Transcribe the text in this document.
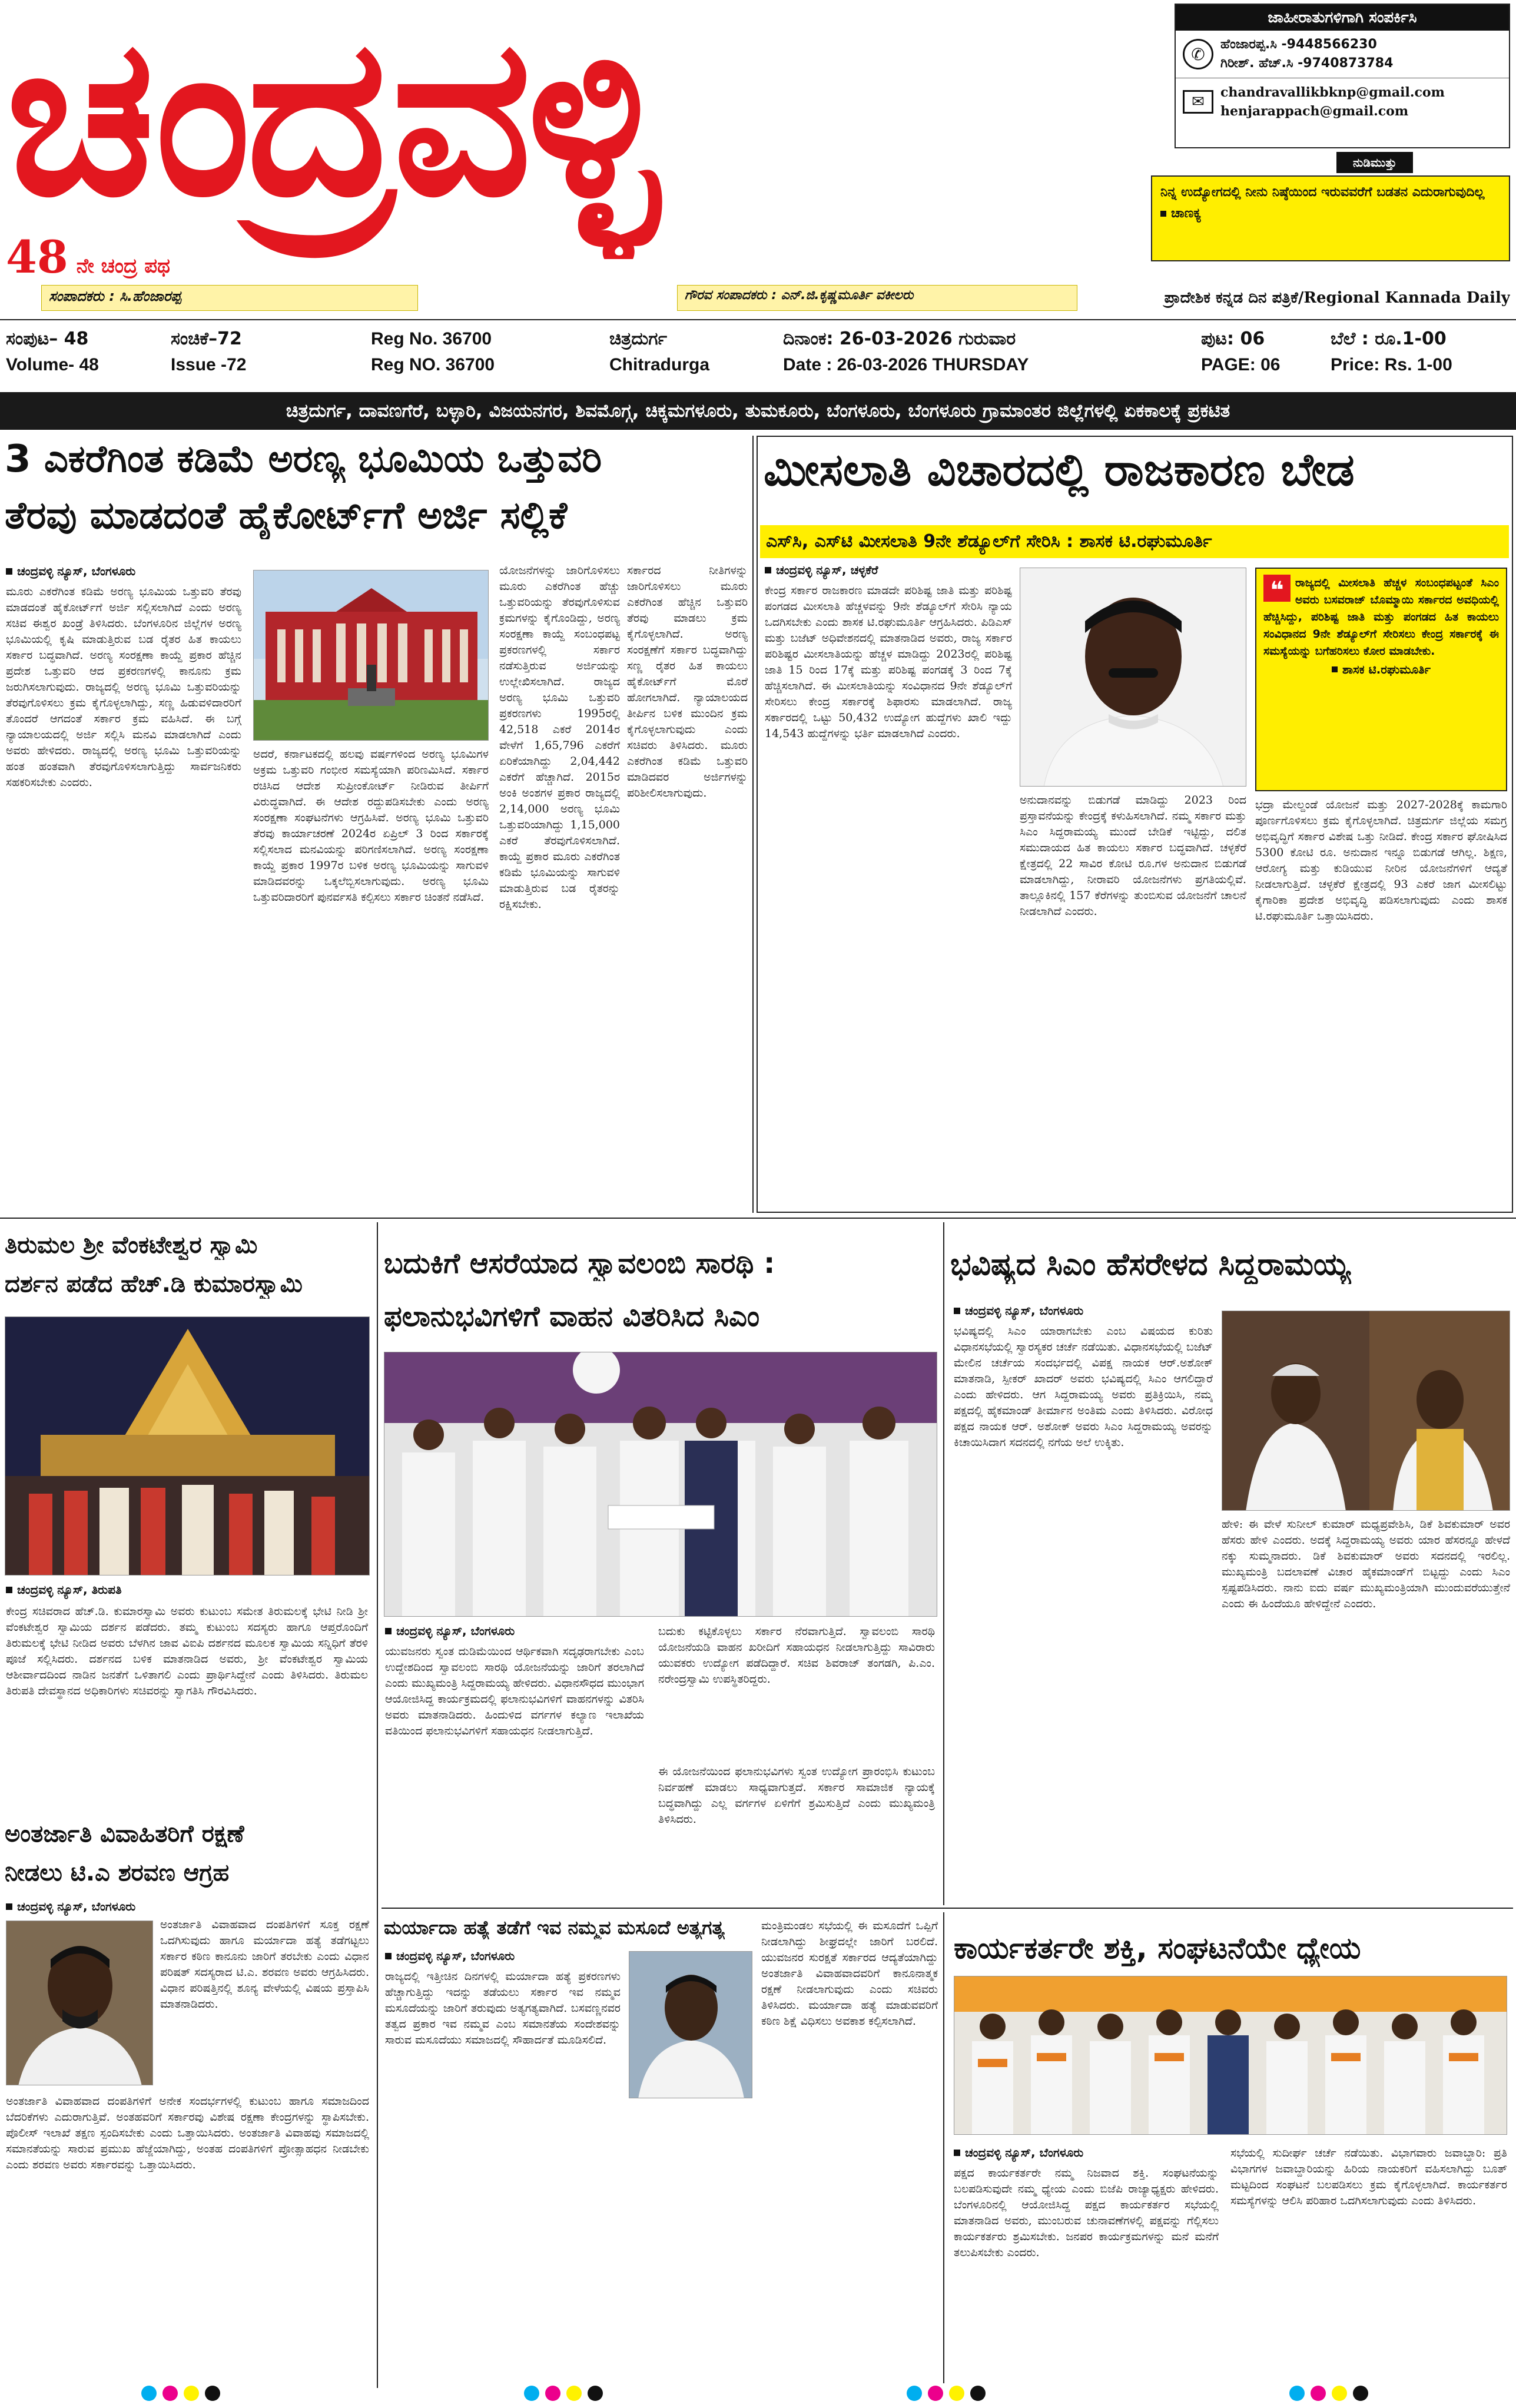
ಚಂದ್ರವಳ್ಳಿ
48 ನೇ ಚಂದ್ರ ಪಥ
ಸಂಪಾದಕರು : ಸಿ.ಹೆಂಜಾರಪ್ಪ	ಗೌರವ ಸಂಪಾದಕರು : ಎನ್.ಜಿ.ಕೃಷ್ಣಮೂರ್ತಿ ವಕೀಲರು
ಜಾಹೀರಾತುಗಳಿಗಾಗಿ ಸಂಪರ್ಕಿಸಿ
✆	ಹೆಂಜಾರಪ್ಪ.ಸಿ -9448566230
ಗಿರೀಶ್. ಹೆಚ್.ಸಿ -9740873784
✉
chandravallikbknp@gmail.com
henjarappach@gmail.com
ನುಡಿಮುತ್ತು
ನಿನ್ನ ಉದ್ಯೋಗದಲ್ಲಿ ನೀನು ನಿಷ್ಠೆಯಿಂದ ಇರುವವರೆಗೆ ಬಡತನ ಎದುರಾಗುವುದಿಲ್ಲ
ಚಾಣಕ್ಯ
ಪ್ರಾದೇಶಿಕ ಕನ್ನಡ ದಿನ ಪತ್ರಿಕೆ/Regional Kannada Daily
ಸಂಪುಟ– 48
Volume- 48
ಸಂಚಿಕೆ–72
Issue -72
Reg No. 36700
Reg NO. 36700
ಚಿತ್ರದುರ್ಗ
Chitradurga
ದಿನಾಂಕ: 26-03-2026 ಗುರುವಾರ
Date : 26-03-2026 THURSDAY
ಪುಟ: 06
PAGE: 06
ಬೆಲೆ : ರೂ.1-00
Price: Rs. 1-00
ಚಿತ್ರದುರ್ಗ, ದಾವಣಗೆರೆ, ಬಳ್ಳಾರಿ, ವಿಜಯನಗರ, ಶಿವಮೊಗ್ಗ, ಚಿಕ್ಕಮಗಳೂರು, ತುಮಕೂರು, ಬೆಂಗಳೂರು, ಬೆಂಗಳೂರು ಗ್ರಾಮಾಂತರ ಜಿಲ್ಲೆಗಳಲ್ಲಿ ಏಕಕಾಲಕ್ಕೆ ಪ್ರಕಟಿತ
3 ಎಕರೆಗಿಂತ ಕಡಿಮೆ ಅರಣ್ಯ ಭೂಮಿಯ ಒತ್ತುವರಿ
ತೆರವು ಮಾಡದಂತೆ ಹೈಕೋರ್ಟ್‌ಗೆ ಅರ್ಜಿ ಸಲ್ಲಿಕೆ
ಚಂದ್ರವಳ್ಳಿ ನ್ಯೂಸ್, ಬೆಂಗಳೂರು
ಮೂರು ಎಕರೆಗಿಂತ ಕಡಿಮೆ ಅರಣ್ಯ ಭೂಮಿಯ ಒತ್ತುವರಿ ತೆರವು ಮಾಡದಂತೆ ಹೈಕೋರ್ಟ್‌ಗೆ ಅರ್ಜಿ ಸಲ್ಲಿಸಲಾಗಿದೆ ಎಂದು ಅರಣ್ಯ ಸಚಿವ ಈಶ್ವರ ಖಂಡ್ರೆ ತಿಳಿಸಿದರು. ಬೆಂಗಳೂರಿನ ಜಿಲ್ಲೆಗಳ ಅರಣ್ಯ ಭೂಮಿಯಲ್ಲಿ ಕೃಷಿ ಮಾಡುತ್ತಿರುವ ಬಡ ರೈತರ ಹಿತ ಕಾಯಲು ಸರ್ಕಾರ ಬದ್ಧವಾಗಿದೆ. ಅರಣ್ಯ ಸಂರಕ್ಷಣಾ ಕಾಯ್ದೆ ಪ್ರಕಾರ ಹೆಚ್ಚಿನ ಪ್ರದೇಶ ಒತ್ತುವರಿ ಆದ ಪ್ರಕರಣಗಳಲ್ಲಿ ಕಾನೂನು ಕ್ರಮ ಜರುಗಿಸಲಾಗುವುದು. ರಾಜ್ಯದಲ್ಲಿ ಅರಣ್ಯ ಭೂಮಿ ಒತ್ತುವರಿಯನ್ನು ತೆರವುಗೊಳಿಸಲು ಕ್ರಮ ಕೈಗೊಳ್ಳಲಾಗಿದ್ದು, ಸಣ್ಣ ಹಿಡುವಳಿದಾರರಿಗೆ ತೊಂದರೆ ಆಗದಂತೆ ಸರ್ಕಾರ ಕ್ರಮ ವಹಿಸಿದೆ. ಈ ಬಗ್ಗೆ ನ್ಯಾಯಾಲಯದಲ್ಲಿ ಅರ್ಜಿ ಸಲ್ಲಿಸಿ ಮನವಿ ಮಾಡಲಾಗಿದೆ ಎಂದು ಅವರು ಹೇಳಿದರು. ರಾಜ್ಯದಲ್ಲಿ ಅರಣ್ಯ ಭೂಮಿ ಒತ್ತುವರಿಯನ್ನು ಹಂತ ಹಂತವಾಗಿ ತೆರವುಗೊಳಿಸಲಾಗುತ್ತಿದ್ದು ಸಾರ್ವಜನಿಕರು ಸಹಕರಿಸಬೇಕು ಎಂದರು.
ಅದರೆ, ಕರ್ನಾಟಕದಲ್ಲಿ ಹಲವು ವರ್ಷಗಳಿಂದ ಅರಣ್ಯ ಭೂಮಿಗಳ ಅಕ್ರಮ ಒತ್ತುವರಿ ಗಂಭೀರ ಸಮಸ್ಯೆಯಾಗಿ ಪರಿಣಮಿಸಿದೆ. ಸರ್ಕಾರ ರಚಿಸಿದ ಆದೇಶ ಸುಪ್ರೀಂಕೋರ್ಟ್ ನೀಡಿರುವ ತೀರ್ಪಿಗೆ ವಿರುದ್ಧವಾಗಿದೆ. ಈ ಆದೇಶ ರದ್ದುಪಡಿಸಬೇಕು ಎಂದು ಅರಣ್ಯ ಸಂರಕ್ಷಣಾ ಸಂಘಟನೆಗಳು ಆಗ್ರಹಿಸಿವೆ. ಅರಣ್ಯ ಭೂಮಿ ಒತ್ತುವರಿ ತೆರವು ಕಾರ್ಯಾಚರಣೆ 2024ರ ಏಪ್ರಿಲ್ 3 ರಿಂದ ಸರ್ಕಾರಕ್ಕೆ ಸಲ್ಲಿಸಲಾದ ಮನವಿಯನ್ನು ಪರಿಗಣಿಸಲಾಗಿದೆ. ಅರಣ್ಯ ಸಂರಕ್ಷಣಾ ಕಾಯ್ದೆ ಪ್ರಕಾರ 1997ರ ಬಳಿಕ ಅರಣ್ಯ ಭೂಮಿಯನ್ನು ಸಾಗುವಳಿ ಮಾಡಿದವರನ್ನು ಒಕ್ಕಲೆಬ್ಬಿಸಲಾಗುವುದು. ಅರಣ್ಯ ಭೂಮಿ ಒತ್ತುವರಿದಾರರಿಗೆ ಪುನರ್ವಸತಿ ಕಲ್ಪಿಸಲು ಸರ್ಕಾರ ಚಿಂತನೆ ನಡೆಸಿದೆ.
ಯೋಜನೆಗಳನ್ನು ಜಾರಿಗೊಳಿಸಲು ಮೂರು ಎಕರೆಗಿಂತ ಹೆಚ್ಚು ಒತ್ತುವರಿಯನ್ನು ತೆರವುಗೊಳಿಸುವ ಕ್ರಮಗಳನ್ನು ಕೈಗೊಂಡಿದ್ದು, ಅರಣ್ಯ ಸಂರಕ್ಷಣಾ ಕಾಯ್ದೆ ಸಂಬಂಧಪಟ್ಟ ಪ್ರಕರಣಗಳಲ್ಲಿ ಸರ್ಕಾರ ನಡೆಸುತ್ತಿರುವ ಅರ್ಜಿಯನ್ನು ಉಲ್ಲೇಖಿಸಲಾಗಿದೆ. ರಾಜ್ಯದ ಅರಣ್ಯ ಭೂಮಿ ಒತ್ತುವರಿ ಪ್ರಕರಣಗಳು 1995ರಲ್ಲಿ 42,518 ಎಕರೆ 2014ರ ವೇಳೆಗೆ 1,65,796 ಎಕರೆಗೆ ಏರಿಕೆಯಾಗಿದ್ದು 2,04,442 ಎಕರೆಗೆ ಹೆಚ್ಚಾಗಿದೆ. 2015ರ ಅಂಕಿ ಅಂಶಗಳ ಪ್ರಕಾರ ರಾಜ್ಯದಲ್ಲಿ 2,14,000 ಅರಣ್ಯ ಭೂಮಿ ಒತ್ತುವರಿಯಾಗಿದ್ದು 1,15,000 ಎಕರೆ ತೆರವುಗೊಳಿಸಲಾಗಿದೆ. ಕಾಯ್ದೆ ಪ್ರಕಾರ ಮೂರು ಎಕರೆಗಿಂತ ಕಡಿಮೆ ಭೂಮಿಯನ್ನು ಸಾಗುವಳಿ ಮಾಡುತ್ತಿರುವ ಬಡ ರೈತರನ್ನು ರಕ್ಷಿಸಬೇಕು.
ಸರ್ಕಾರದ ನೀತಿಗಳನ್ನು ಜಾರಿಗೊಳಿಸಲು ಮೂರು ಎಕರೆಗಿಂತ ಹೆಚ್ಚಿನ ಒತ್ತುವರಿ ತೆರವು ಮಾಡಲು ಕ್ರಮ ಕೈಗೊಳ್ಳಲಾಗಿದೆ. ಅರಣ್ಯ ಸಂರಕ್ಷಣೆಗೆ ಸರ್ಕಾರ ಬದ್ಧವಾಗಿದ್ದು ಸಣ್ಣ ರೈತರ ಹಿತ ಕಾಯಲು ಹೈಕೋರ್ಟ್‌ಗೆ ಮೊರೆ ಹೋಗಲಾಗಿದೆ. ನ್ಯಾಯಾಲಯದ ತೀರ್ಪಿನ ಬಳಿಕ ಮುಂದಿನ ಕ್ರಮ ಕೈಗೊಳ್ಳಲಾಗುವುದು ಎಂದು ಸಚಿವರು ತಿಳಿಸಿದರು. ಮೂರು ಎಕರೆಗಿಂತ ಕಡಿಮೆ ಒತ್ತುವರಿ ಮಾಡಿದವರ ಅರ್ಜಿಗಳನ್ನು ಪರಿಶೀಲಿಸಲಾಗುವುದು.
ಮೀಸಲಾತಿ ವಿಚಾರದಲ್ಲಿ ರಾಜಕಾರಣ ಬೇಡ
ಎಸ್‌ಸಿ, ಎಸ್‌ಟಿ ಮೀಸಲಾತಿ 9ನೇ ಶೆಡ್ಯೂಲ್‌ಗೆ ಸೇರಿಸಿ : ಶಾಸಕ ಟಿ.ರಘುಮೂರ್ತಿ
ಚಂದ್ರವಳ್ಳಿ ನ್ಯೂಸ್, ಚಳ್ಳಕೆರೆ
ಕೇಂದ್ರ ಸರ್ಕಾರ ರಾಜಕಾರಣ ಮಾಡದೇ ಪರಿಶಿಷ್ಟ ಜಾತಿ ಮತ್ತು ಪರಿಶಿಷ್ಟ ಪಂಗಡದ ಮೀಸಲಾತಿ ಹೆಚ್ಚಳವನ್ನು 9ನೇ ಶೆಡ್ಯೂಲ್‌ಗೆ ಸೇರಿಸಿ ನ್ಯಾಯ ಒದಗಿಸಬೇಕು ಎಂದು ಶಾಸಕ ಟಿ.ರಘುಮೂರ್ತಿ ಆಗ್ರಹಿಸಿದರು. ಪಿಡಿಎಸ್ ಮತ್ತು ಬಜೆಟ್ ಅಧಿವೇಶನದಲ್ಲಿ ಮಾತನಾಡಿದ ಅವರು, ರಾಜ್ಯ ಸರ್ಕಾರ ಪರಿಶಿಷ್ಟರ ಮೀಸಲಾತಿಯನ್ನು ಹೆಚ್ಚಳ ಮಾಡಿದ್ದು 2023ರಲ್ಲಿ ಪರಿಶಿಷ್ಟ ಜಾತಿ 15 ರಿಂದ 17ಕ್ಕೆ ಮತ್ತು ಪರಿಶಿಷ್ಟ ಪಂಗಡಕ್ಕೆ 3 ರಿಂದ 7ಕ್ಕೆ ಹೆಚ್ಚಿಸಲಾಗಿದೆ. ಈ ಮೀಸಲಾತಿಯನ್ನು ಸಂವಿಧಾನದ 9ನೇ ಶೆಡ್ಯೂಲ್‌ಗೆ ಸೇರಿಸಲು ಕೇಂದ್ರ ಸರ್ಕಾರಕ್ಕೆ ಶಿಫಾರಸು ಮಾಡಲಾಗಿದೆ. ರಾಜ್ಯ ಸರ್ಕಾರದಲ್ಲಿ ಒಟ್ಟು 50,432 ಉದ್ಯೋಗ ಹುದ್ದೆಗಳು ಖಾಲಿ ಇದ್ದು 14,543 ಹುದ್ದೆಗಳನ್ನು ಭರ್ತಿ ಮಾಡಲಾಗಿದೆ ಎಂದರು.
ಅನುದಾನವನ್ನು ಬಿಡುಗಡೆ ಮಾಡಿದ್ದು 2023 ರಿಂದ ಪ್ರಸ್ತಾವನೆಯನ್ನು ಕೇಂದ್ರಕ್ಕೆ ಕಳುಹಿಸಲಾಗಿದೆ. ನಮ್ಮ ಸರ್ಕಾರ ಮತ್ತು ಸಿಎಂ ಸಿದ್ದರಾಮಯ್ಯ ಮುಂದೆ ಬೇಡಿಕೆ ಇಟ್ಟಿದ್ದು, ದಲಿತ ಸಮುದಾಯದ ಹಿತ ಕಾಯಲು ಸರ್ಕಾರ ಬದ್ಧವಾಗಿದೆ. ಚಳ್ಳಕೆರೆ ಕ್ಷೇತ್ರದಲ್ಲಿ 22 ಸಾವಿರ ಕೋಟಿ ರೂ.ಗಳ ಅನುದಾನ ಬಿಡುಗಡೆ ಮಾಡಲಾಗಿದ್ದು, ನೀರಾವರಿ ಯೋಜನೆಗಳು ಪ್ರಗತಿಯಲ್ಲಿವೆ. ತಾಲ್ಲೂಕಿನಲ್ಲಿ 157 ಕೆರೆಗಳನ್ನು ತುಂಬಿಸುವ ಯೋಜನೆಗೆ ಚಾಲನೆ ನೀಡಲಾಗಿದೆ ಎಂದರು.
❝	ರಾಜ್ಯದಲ್ಲಿ ಮೀಸಲಾತಿ ಹೆಚ್ಚಳ ಸಂಬಂಧಪಟ್ಟಂತೆ ಸಿಎಂ ಅವರು ಬಸವರಾಜ್ ಬೊಮ್ಮಾಯಿ ಸರ್ಕಾರದ ಅವಧಿಯಲ್ಲಿ ಹೆಚ್ಚಿಸಿದ್ದು, ಪರಿಶಿಷ್ಟ ಜಾತಿ ಮತ್ತು ಪಂಗಡದ ಹಿತ ಕಾಯಲು ಸಂವಿಧಾನದ 9ನೇ ಶೆಡ್ಯೂಲ್‌ಗೆ ಸೇರಿಸಲು ಕೇಂದ್ರ ಸರ್ಕಾರಕ್ಕೆ ಈ ಸಮಸ್ಯೆಯನ್ನು ಬಗೆಹರಿಸಲು ಕೋರ ಮಾಡಬೇಕು.
ಶಾಸಕ ಟಿ.ರಘುಮೂರ್ತಿ
ಭದ್ರಾ ಮೇಲ್ದಂಡೆ ಯೋಜನೆ ಮತ್ತು 2027-2028ಕ್ಕೆ ಕಾಮಗಾರಿ ಪೂರ್ಣಗೊಳಿಸಲು ಕ್ರಮ ಕೈಗೊಳ್ಳಲಾಗಿದೆ. ಚಿತ್ರದುರ್ಗ ಜಿಲ್ಲೆಯ ಸಮಗ್ರ ಅಭಿವೃದ್ಧಿಗೆ ಸರ್ಕಾರ ವಿಶೇಷ ಒತ್ತು ನೀಡಿದೆ. ಕೇಂದ್ರ ಸರ್ಕಾರ ಘೋಷಿಸಿದ 5300 ಕೋಟಿ ರೂ. ಅನುದಾನ ಇನ್ನೂ ಬಿಡುಗಡೆ ಆಗಿಲ್ಲ. ಶಿಕ್ಷಣ, ಆರೋಗ್ಯ ಮತ್ತು ಕುಡಿಯುವ ನೀರಿನ ಯೋಜನೆಗಳಿಗೆ ಆದ್ಯತೆ ನೀಡಲಾಗುತ್ತಿದೆ. ಚಳ್ಳಕೆರೆ ಕ್ಷೇತ್ರದಲ್ಲಿ 93 ಎಕರೆ ಜಾಗ ಮೀಸಲಿಟ್ಟು ಕೈಗಾರಿಕಾ ಪ್ರದೇಶ ಅಭಿವೃದ್ಧಿ ಪಡಿಸಲಾಗುವುದು ಎಂದು ಶಾಸಕ ಟಿ.ರಘುಮೂರ್ತಿ ಒತ್ತಾಯಿಸಿದರು.
ತಿರುಮಲ ಶ್ರೀ ವೆಂಕಟೇಶ್ವರ ಸ್ವಾಮಿ
ದರ್ಶನ ಪಡೆದ ಹೆಚ್.ಡಿ ಕುಮಾರಸ್ವಾಮಿ
ಚಂದ್ರವಳ್ಳಿ ನ್ಯೂಸ್, ತಿರುಪತಿ
ಕೇಂದ್ರ ಸಚಿವರಾದ ಹೆಚ್.ಡಿ. ಕುಮಾರಸ್ವಾಮಿ ಅವರು ಕುಟುಂಬ ಸಮೇತ ತಿರುಮಲಕ್ಕೆ ಭೇಟಿ ನೀಡಿ ಶ್ರೀ ವೆಂಕಟೇಶ್ವರ ಸ್ವಾಮಿಯ ದರ್ಶನ ಪಡೆದರು. ತಮ್ಮ ಕುಟುಂಬ ಸದಸ್ಯರು ಹಾಗೂ ಆಪ್ತರೊಂದಿಗೆ ತಿರುಮಲಕ್ಕೆ ಭೇಟಿ ನೀಡಿದ ಅವರು ಬೆಳಗಿನ ಜಾವ ವಿಐಪಿ ದರ್ಶನದ ಮೂಲಕ ಸ್ವಾಮಿಯ ಸನ್ನಿಧಿಗೆ ತೆರಳಿ ಪೂಜೆ ಸಲ್ಲಿಸಿದರು. ದರ್ಶನದ ಬಳಿಕ ಮಾತನಾಡಿದ ಅವರು, ಶ್ರೀ ವೆಂಕಟೇಶ್ವರ ಸ್ವಾಮಿಯ ಆಶೀರ್ವಾದದಿಂದ ನಾಡಿನ ಜನತೆಗೆ ಒಳಿತಾಗಲಿ ಎಂದು ಪ್ರಾರ್ಥಿಸಿದ್ದೇನೆ ಎಂದು ತಿಳಿಸಿದರು. ತಿರುಮಲ ತಿರುಪತಿ ದೇವಸ್ಥಾನದ ಅಧಿಕಾರಿಗಳು ಸಚಿವರನ್ನು ಸ್ವಾಗತಿಸಿ ಗೌರವಿಸಿದರು.
ಅಂತರ್ಜಾತಿ ವಿವಾಹಿತರಿಗೆ ರಕ್ಷಣೆ
ನೀಡಲು ಟಿ.ಎ ಶರವಣ ಆಗ್ರಹ
ಚಂದ್ರವಳ್ಳಿ ನ್ಯೂಸ್, ಬೆಂಗಳೂರು
ಅಂತರ್ಜಾತಿ ವಿವಾಹವಾದ ದಂಪತಿಗಳಿಗೆ ಸೂಕ್ತ ರಕ್ಷಣೆ ಒದಗಿಸುವುದು ಹಾಗೂ ಮರ್ಯಾದಾ ಹತ್ಯೆ ತಡೆಗಟ್ಟಲು ಸರ್ಕಾರ ಕಠಿಣ ಕಾನೂನು ಜಾರಿಗೆ ತರಬೇಕು ಎಂದು ವಿಧಾನ ಪರಿಷತ್ ಸದಸ್ಯರಾದ ಟಿ.ಎ. ಶರವಣ ಅವರು ಆಗ್ರಹಿಸಿದರು. ವಿಧಾನ ಪರಿಷತ್ತಿನಲ್ಲಿ ಶೂನ್ಯ ವೇಳೆಯಲ್ಲಿ ವಿಷಯ ಪ್ರಸ್ತಾಪಿಸಿ ಮಾತನಾಡಿದರು.
ಅಂತರ್ಜಾತಿ ವಿವಾಹವಾದ ದಂಪತಿಗಳಿಗೆ ಅನೇಕ ಸಂದರ್ಭಗಳಲ್ಲಿ ಕುಟುಂಬ ಹಾಗೂ ಸಮಾಜದಿಂದ ಬೆದರಿಕೆಗಳು ಎದುರಾಗುತ್ತಿವೆ. ಅಂತಹವರಿಗೆ ಸರ್ಕಾರವು ವಿಶೇಷ ರಕ್ಷಣಾ ಕೇಂದ್ರಗಳನ್ನು ಸ್ಥಾಪಿಸಬೇಕು. ಪೊಲೀಸ್ ಇಲಾಖೆ ತಕ್ಷಣ ಸ್ಪಂದಿಸಬೇಕು ಎಂದು ಒತ್ತಾಯಿಸಿದರು. ಅಂತರ್ಜಾತಿ ವಿವಾಹವು ಸಮಾಜದಲ್ಲಿ ಸಮಾನತೆಯನ್ನು ಸಾರುವ ಪ್ರಮುಖ ಹೆಜ್ಜೆಯಾಗಿದ್ದು, ಅಂತಹ ದಂಪತಿಗಳಿಗೆ ಪ್ರೋತ್ಸಾಹಧನ ನೀಡಬೇಕು ಎಂದು ಶರವಣ ಅವರು ಸರ್ಕಾರವನ್ನು ಒತ್ತಾಯಿಸಿದರು.
ಬದುಕಿಗೆ ಆಸರೆಯಾದ ಸ್ವಾವಲಂಬಿ ಸಾರಥಿ :
ಫಲಾನುಭವಿಗಳಿಗೆ ವಾಹನ ವಿತರಿಸಿದ ಸಿಎಂ
ಚಂದ್ರವಳ್ಳಿ ನ್ಯೂಸ್, ಬೆಂಗಳೂರು
ಯುವಜನರು ಸ್ವಂತ ದುಡಿಮೆಯಿಂದ ಆರ್ಥಿಕವಾಗಿ ಸದೃಢರಾಗಬೇಕು ಎಂಬ ಉದ್ದೇಶದಿಂದ ಸ್ವಾವಲಂಬಿ ಸಾರಥಿ ಯೋಜನೆಯನ್ನು ಜಾರಿಗೆ ತರಲಾಗಿದೆ ಎಂದು ಮುಖ್ಯಮಂತ್ರಿ ಸಿದ್ದರಾಮಯ್ಯ ಹೇಳಿದರು. ವಿಧಾನಸೌಧದ ಮುಂಭಾಗ ಆಯೋಜಿಸಿದ್ದ ಕಾರ್ಯಕ್ರಮದಲ್ಲಿ ಫಲಾನುಭವಿಗಳಿಗೆ ವಾಹನಗಳನ್ನು ವಿತರಿಸಿ ಅವರು ಮಾತನಾಡಿದರು. ಹಿಂದುಳಿದ ವರ್ಗಗಳ ಕಲ್ಯಾಣ ಇಲಾಖೆಯ ವತಿಯಿಂದ ಫಲಾನುಭವಿಗಳಿಗೆ ಸಹಾಯಧನ ನೀಡಲಾಗುತ್ತಿದೆ.
ಬದುಕು ಕಟ್ಟಿಕೊಳ್ಳಲು ಸರ್ಕಾರ ನೆರವಾಗುತ್ತಿದೆ. ಸ್ವಾವಲಂಬಿ ಸಾರಥಿ ಯೋಜನೆಯಡಿ ವಾಹನ ಖರೀದಿಗೆ ಸಹಾಯಧನ ನೀಡಲಾಗುತ್ತಿದ್ದು ಸಾವಿರಾರು ಯುವಕರು ಉದ್ಯೋಗ ಪಡೆದಿದ್ದಾರೆ. ಸಚಿವ ಶಿವರಾಜ್ ತಂಗಡಗಿ, ಪಿ.ಎಂ. ನರೇಂದ್ರಸ್ವಾಮಿ ಉಪಸ್ಥಿತರಿದ್ದರು.
ಈ ಯೋಜನೆಯಿಂದ ಫಲಾನುಭವಿಗಳು ಸ್ವಂತ ಉದ್ಯೋಗ ಪ್ರಾರಂಭಿಸಿ ಕುಟುಂಬ ನಿರ್ವಹಣೆ ಮಾಡಲು ಸಾಧ್ಯವಾಗುತ್ತದೆ. ಸರ್ಕಾರ ಸಾಮಾಜಿಕ ನ್ಯಾಯಕ್ಕೆ ಬದ್ಧವಾಗಿದ್ದು ಎಲ್ಲ ವರ್ಗಗಳ ಏಳಿಗೆಗೆ ಶ್ರಮಿಸುತ್ತಿದೆ ಎಂದು ಮುಖ್ಯಮಂತ್ರಿ ತಿಳಿಸಿದರು.
ಭವಿಷ್ಯದ ಸಿಎಂ ಹೆಸರೇಳದ ಸಿದ್ದರಾಮಯ್ಯ
ಚಂದ್ರವಳ್ಳಿ ನ್ಯೂಸ್, ಬೆಂಗಳೂರು
ಭವಿಷ್ಯದಲ್ಲಿ ಸಿಎಂ ಯಾರಾಗಬೇಕು ಎಂಬ ವಿಷಯದ ಕುರಿತು ವಿಧಾನಸಭೆಯಲ್ಲಿ ಸ್ವಾರಸ್ಯಕರ ಚರ್ಚೆ ನಡೆಯಿತು. ವಿಧಾನಸಭೆಯಲ್ಲಿ ಬಜೆಟ್ ಮೇಲಿನ ಚರ್ಚೆಯ ಸಂದರ್ಭದಲ್ಲಿ ವಿಪಕ್ಷ ನಾಯಕ ಆರ್.ಅಶೋಕ್ ಮಾತನಾಡಿ, ಸ್ಪೀಕರ್ ಖಾದರ್ ಅವರು ಭವಿಷ್ಯದಲ್ಲಿ ಸಿಎಂ ಆಗಲಿದ್ದಾರೆ ಎಂದು ಹೇಳಿದರು. ಆಗ ಸಿದ್ದರಾಮಯ್ಯ ಅವರು ಪ್ರತಿಕ್ರಿಯಿಸಿ, ನಮ್ಮ ಪಕ್ಷದಲ್ಲಿ ಹೈಕಮಾಂಡ್ ತೀರ್ಮಾನ ಅಂತಿಮ ಎಂದು ತಿಳಿಸಿದರು. ವಿರೋಧ ಪಕ್ಷದ ನಾಯಕ ಆರ್. ಅಶೋಕ್ ಅವರು ಸಿಎಂ ಸಿದ್ದರಾಮಯ್ಯ ಅವರನ್ನು ಕಿಚಾಯಿಸಿದಾಗ ಸದನದಲ್ಲಿ ನಗೆಯ ಅಲೆ ಉಕ್ಕಿತು.
ಹೇಳಿ: ಈ ವೇಳೆ ಸುನೀಲ್ ಕುಮಾರ್ ಮಧ್ಯಪ್ರವೇಶಿಸಿ, ಡಿಕೆ ಶಿವಕುಮಾರ್ ಅವರ ಹೆಸರು ಹೇಳಿ ಎಂದರು. ಅದಕ್ಕೆ ಸಿದ್ದರಾಮಯ್ಯ ಅವರು ಯಾರ ಹೆಸರನ್ನೂ ಹೇಳದೆ ನಕ್ಕು ಸುಮ್ಮನಾದರು. ಡಿಕೆ ಶಿವಕುಮಾರ್ ಅವರು ಸದನದಲ್ಲಿ ಇರಲಿಲ್ಲ. ಮುಖ್ಯಮಂತ್ರಿ ಬದಲಾವಣೆ ವಿಚಾರ ಹೈಕಮಾಂಡ್‌ಗೆ ಬಿಟ್ಟದ್ದು ಎಂದು ಸಿಎಂ ಸ್ಪಷ್ಟಪಡಿಸಿದರು. ನಾನು ಐದು ವರ್ಷ ಮುಖ್ಯಮಂತ್ರಿಯಾಗಿ ಮುಂದುವರೆಯುತ್ತೇನೆ ಎಂದು ಈ ಹಿಂದೆಯೂ ಹೇಳಿದ್ದೇನೆ ಎಂದರು.
ಮರ್ಯಾದಾ ಹತ್ಯೆ ತಡೆಗೆ ಇವ ನಮ್ಮವ ಮಸೂದೆ ಅತ್ಯಗತ್ಯ
ಚಂದ್ರವಳ್ಳಿ ನ್ಯೂಸ್, ಬೆಂಗಳೂರು
ರಾಜ್ಯದಲ್ಲಿ ಇತ್ತೀಚಿನ ದಿನಗಳಲ್ಲಿ ಮರ್ಯಾದಾ ಹತ್ಯೆ ಪ್ರಕರಣಗಳು ಹೆಚ್ಚಾಗುತ್ತಿದ್ದು ಇದನ್ನು ತಡೆಯಲು ಸರ್ಕಾರ ಇವ ನಮ್ಮವ ಮಸೂದೆಯನ್ನು ಜಾರಿಗೆ ತರುವುದು ಅತ್ಯಗತ್ಯವಾಗಿದೆ. ಬಸವಣ್ಣನವರ ತತ್ವದ ಪ್ರಕಾರ ಇವ ನಮ್ಮವ ಎಂಬ ಸಮಾನತೆಯ ಸಂದೇಶವನ್ನು ಸಾರುವ ಮಸೂದೆಯು ಸಮಾಜದಲ್ಲಿ ಸೌಹಾರ್ದತೆ ಮೂಡಿಸಲಿದೆ.
ಮಂತ್ರಿಮಂಡಲ ಸಭೆಯಲ್ಲಿ ಈ ಮಸೂದೆಗೆ ಒಪ್ಪಿಗೆ ನೀಡಲಾಗಿದ್ದು ಶೀಘ್ರದಲ್ಲೇ ಜಾರಿಗೆ ಬರಲಿದೆ. ಯುವಜನರ ಸುರಕ್ಷತೆ ಸರ್ಕಾರದ ಆದ್ಯತೆಯಾಗಿದ್ದು ಅಂತರ್ಜಾತಿ ವಿವಾಹವಾದವರಿಗೆ ಕಾನೂನಾತ್ಮಕ ರಕ್ಷಣೆ ನೀಡಲಾಗುವುದು ಎಂದು ಸಚಿವರು ತಿಳಿಸಿದರು. ಮರ್ಯಾದಾ ಹತ್ಯೆ ಮಾಡುವವರಿಗೆ ಕಠಿಣ ಶಿಕ್ಷೆ ವಿಧಿಸಲು ಅವಕಾಶ ಕಲ್ಪಿಸಲಾಗಿದೆ.
ಕಾರ್ಯಕರ್ತರೇ ಶಕ್ತಿ, ಸಂಘಟನೆಯೇ ಧ್ಯೇಯ
ಚಂದ್ರವಳ್ಳಿ ನ್ಯೂಸ್, ಬೆಂಗಳೂರು
ಪಕ್ಷದ ಕಾರ್ಯಕರ್ತರೇ ನಮ್ಮ ನಿಜವಾದ ಶಕ್ತಿ. ಸಂಘಟನೆಯನ್ನು ಬಲಪಡಿಸುವುದೇ ನಮ್ಮ ಧ್ಯೇಯ ಎಂದು ಬಿಜೆಪಿ ರಾಜ್ಯಾಧ್ಯಕ್ಷರು ಹೇಳಿದರು. ಬೆಂಗಳೂರಿನಲ್ಲಿ ಆಯೋಜಿಸಿದ್ದ ಪಕ್ಷದ ಕಾರ್ಯಕರ್ತರ ಸಭೆಯಲ್ಲಿ ಮಾತನಾಡಿದ ಅವರು, ಮುಂಬರುವ ಚುನಾವಣೆಗಳಲ್ಲಿ ಪಕ್ಷವನ್ನು ಗೆಲ್ಲಿಸಲು ಕಾರ್ಯಕರ್ತರು ಶ್ರಮಿಸಬೇಕು. ಜನಪರ ಕಾರ್ಯಕ್ರಮಗಳನ್ನು ಮನೆ ಮನೆಗೆ ತಲುಪಿಸಬೇಕು ಎಂದರು.
ಸಭೆಯಲ್ಲಿ ಸುದೀರ್ಘ ಚರ್ಚೆ ನಡೆಯಿತು. ವಿಭಾಗವಾರು ಜವಾಬ್ದಾರಿ: ಪ್ರತಿ ವಿಭಾಗಗಳ ಜವಾಬ್ದಾರಿಯನ್ನು ಹಿರಿಯ ನಾಯಕರಿಗೆ ವಹಿಸಲಾಗಿದ್ದು ಬೂತ್ ಮಟ್ಟದಿಂದ ಸಂಘಟನೆ ಬಲಪಡಿಸಲು ಕ್ರಮ ಕೈಗೊಳ್ಳಲಾಗಿದೆ. ಕಾರ್ಯಕರ್ತರ ಸಮಸ್ಯೆಗಳನ್ನು ಆಲಿಸಿ ಪರಿಹಾರ ಒದಗಿಸಲಾಗುವುದು ಎಂದು ತಿಳಿಸಿದರು.
